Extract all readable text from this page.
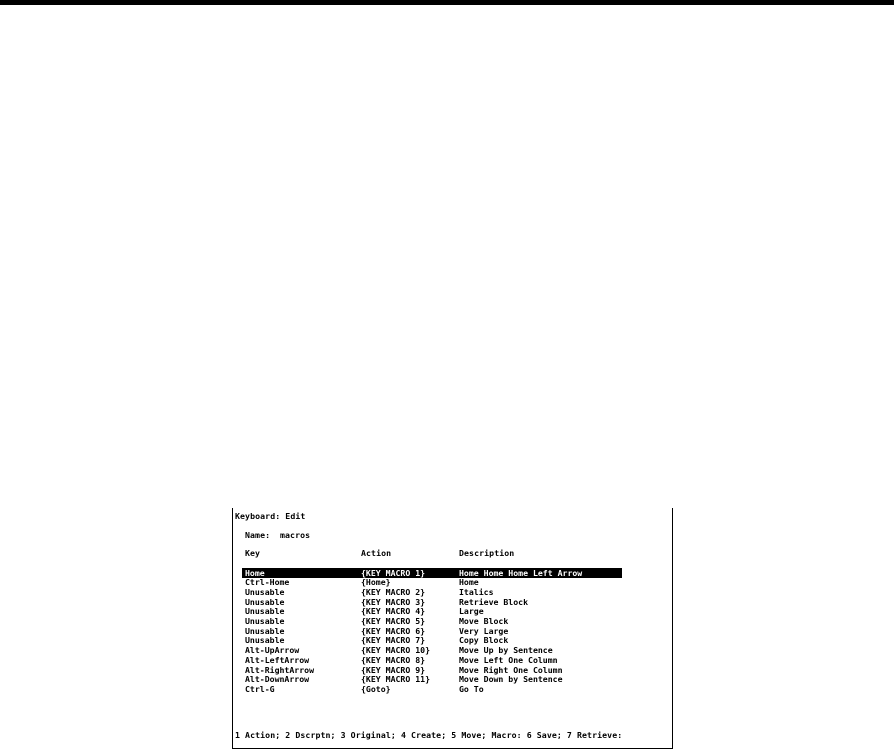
Keyboard: Edit
Name: macros
Key	Action	Description
Home	{KEY MACRO 1}	Home Home Home Left Arrow
Ctrl-Home	{Home}	Home
Unusable	{KEY MACRO 2}	Italics
Unusable	{KEY MACRO 3}	Retrieve Block
Unusable	{KEY MACRO 4}	Large
Unusable	{KEY MACRO 5}	Move Block
Unusable	{KEY MACRO 6}	Very Large
Unusable	{KEY MACRO 7}	Copy Block
Alt-UpArrow	{KEY MACRO 10}	Move Up by Sentence
Alt-LeftArrow	{KEY MACRO 8}	Move Left One Column
Alt-RightArrow	{KEY MACRO 9}	Move Right One Column
Alt-DownArrow	{KEY MACRO 11}	Move Down by Sentence
Ctrl-G	{Goto}	Go To
1 Action; 2 Dscrptn; 3 Original; 4 Create; 5 Move; Macro: 6 Save; 7 Retrieve:
